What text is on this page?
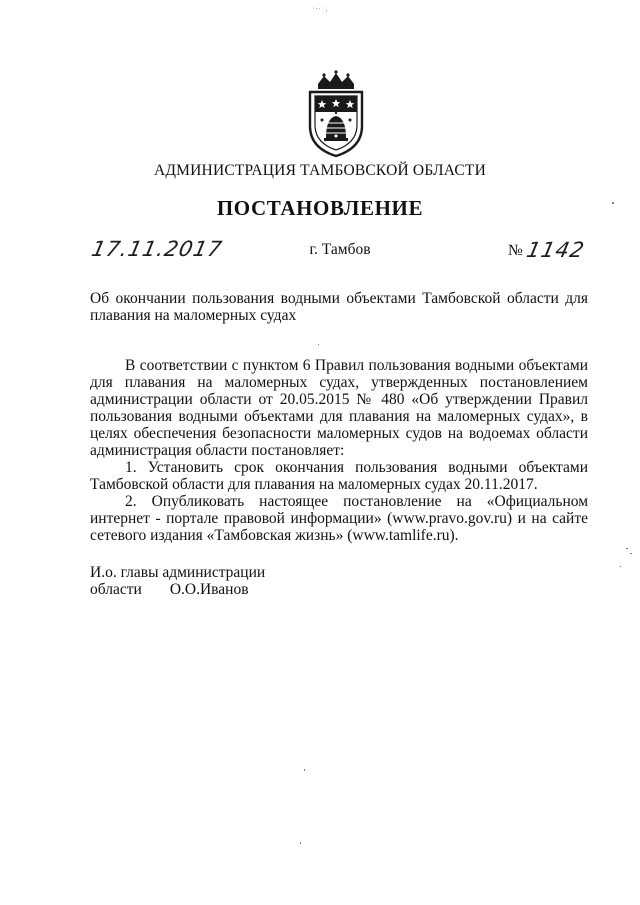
·∙∙·,
АДМИНИСТРАЦИЯ ТАМБОВСКОЙ ОБЛАСТИ
ПОСТАНОВЛЕНИЕ
17.11.2017	г. Тамбов	№1142
Об окончании пользования водными объектами Тамбовской области для плавания на маломерных судах

В соответствии с пунктом 6 Правил пользования водными объектами для плавания на маломерных судах, утвержденных постановлением администрации области от 20.05.2015 № 480 «Об утверждении Правил пользования водными объектами для плавания на маломерных судах», в целях обеспечения безопасности маломерных судов на водоемах области администрация области постановляет:

1. Установить срок окончания пользования водными объектами Тамбовской области для плавания на маломерных судах 20.11.2017.

2. Опубликовать настоящее постановление на «Официальном интернет - портале правовой информации» (www.pravo.gov.ru) и на сайте сетевого издания «Тамбовская жизнь» (www.tamlife.ru).

И.о. главы администрации
области О.О.Иванов
